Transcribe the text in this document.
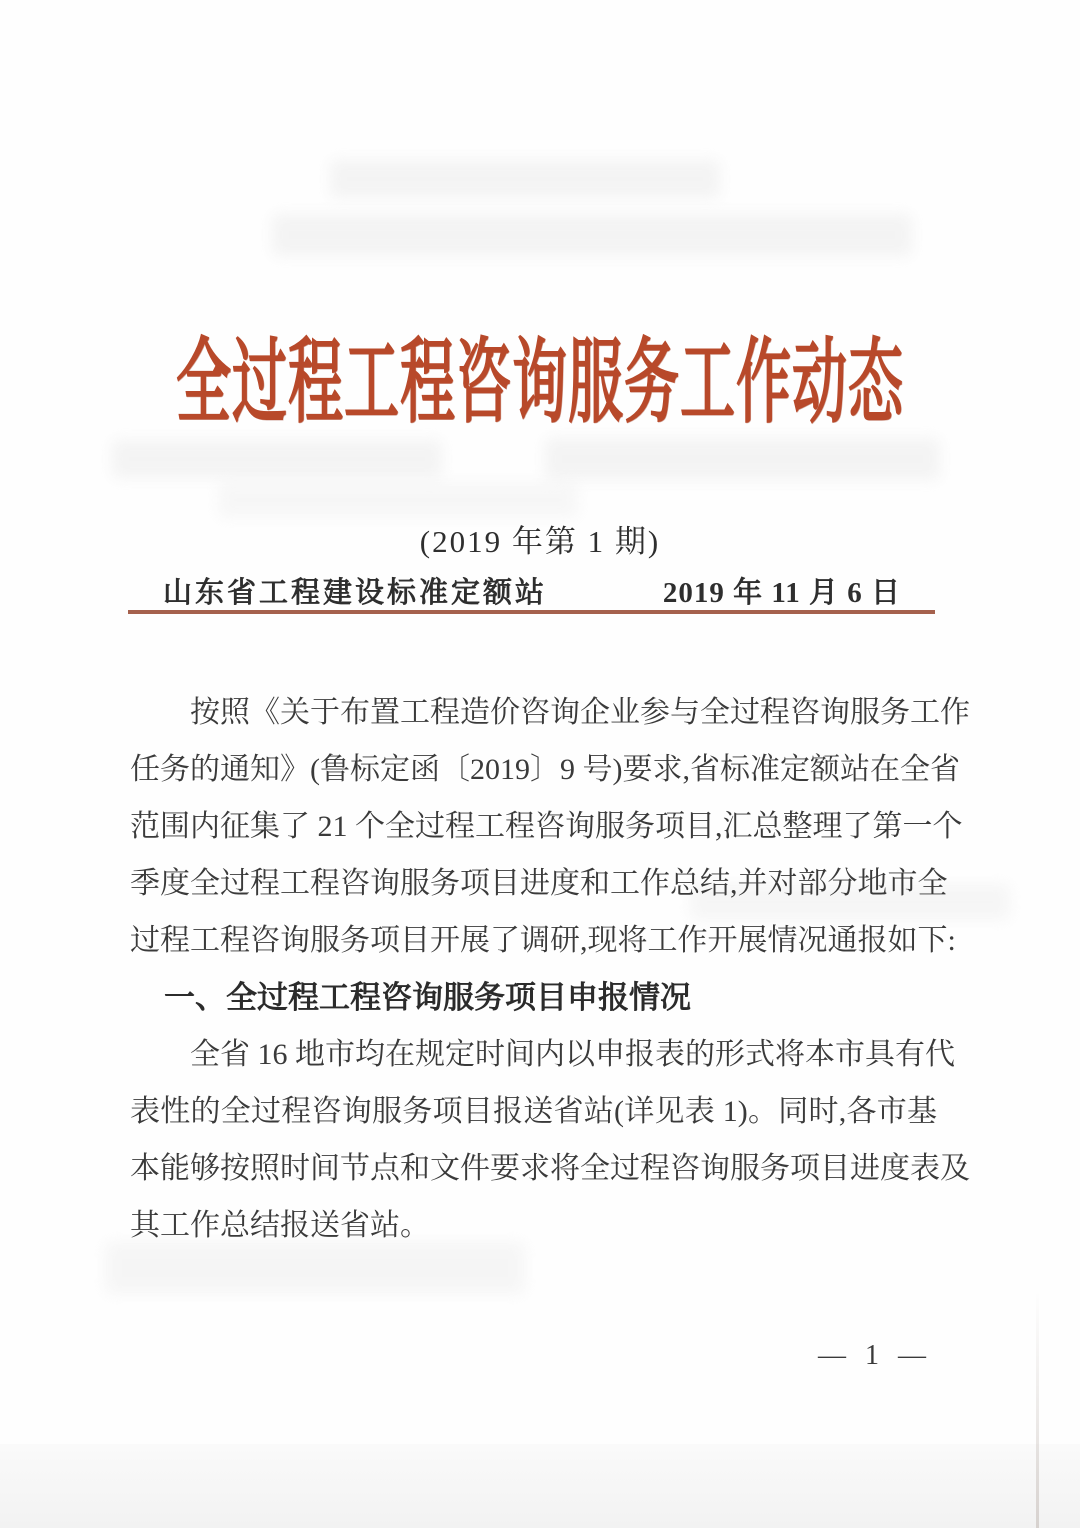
全过程工程咨询服务工作动态
(2019 年第 1 期)
山东省工程建设标准定额站	2019 年 11 月 6 日
按照《关于布置工程造价咨询企业参与全过程咨询服务工作
任务的通知》(鲁标定函〔2019〕9 号)要求,省标准定额站在全省
范围内征集了 21 个全过程工程咨询服务项目,汇总整理了第一个
季度全过程工程咨询服务项目进度和工作总结,并对部分地市全
过程工程咨询服务项目开展了调研,现将工作开展情况通报如下:
一、全过程工程咨询服务项目申报情况
全省 16 地市均在规定时间内以申报表的形式将本市具有代
表性的全过程咨询服务项目报送省站(详见表 1)。同时,各市基
本能够按照时间节点和文件要求将全过程咨询服务项目进度表及
其工作总结报送省站。
— 1 —
